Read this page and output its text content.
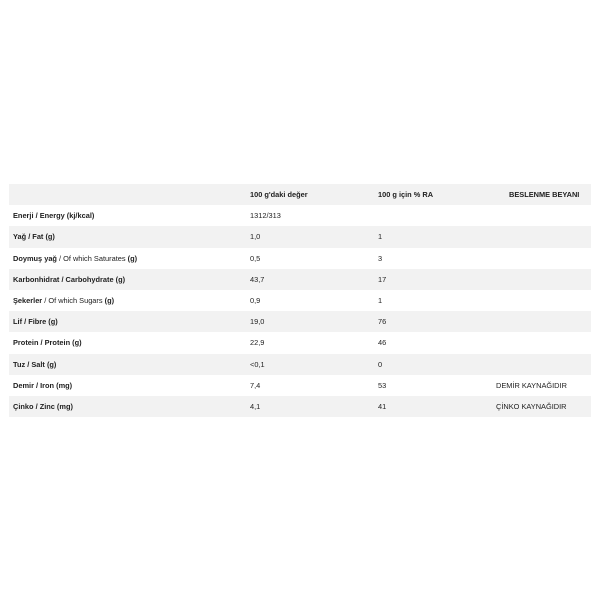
	100 g'daki değer	100 g için % RA	BESLENME BEYANI
Enerji / Energy (kj/kcal)	1312/313		
Yağ / Fat (g)	1,0	1	
Doymuş yağ / Of which Saturates (g)	0,5	3	
Karbonhidrat / Carbohydrate (g)	43,7	17	
Şekerler / Of which Sugars (g)	0,9	1	
Lif / Fibre (g)	19,0	76	
Protein / Protein (g)	22,9	46	
Tuz / Salt (g)	<0,1	0	
Demir / Iron (mg)	7,4	53	DEMİR KAYNAĞIDIR
Çinko / Zinc (mg)	4,1	41	ÇİNKO KAYNAĞIDIR
